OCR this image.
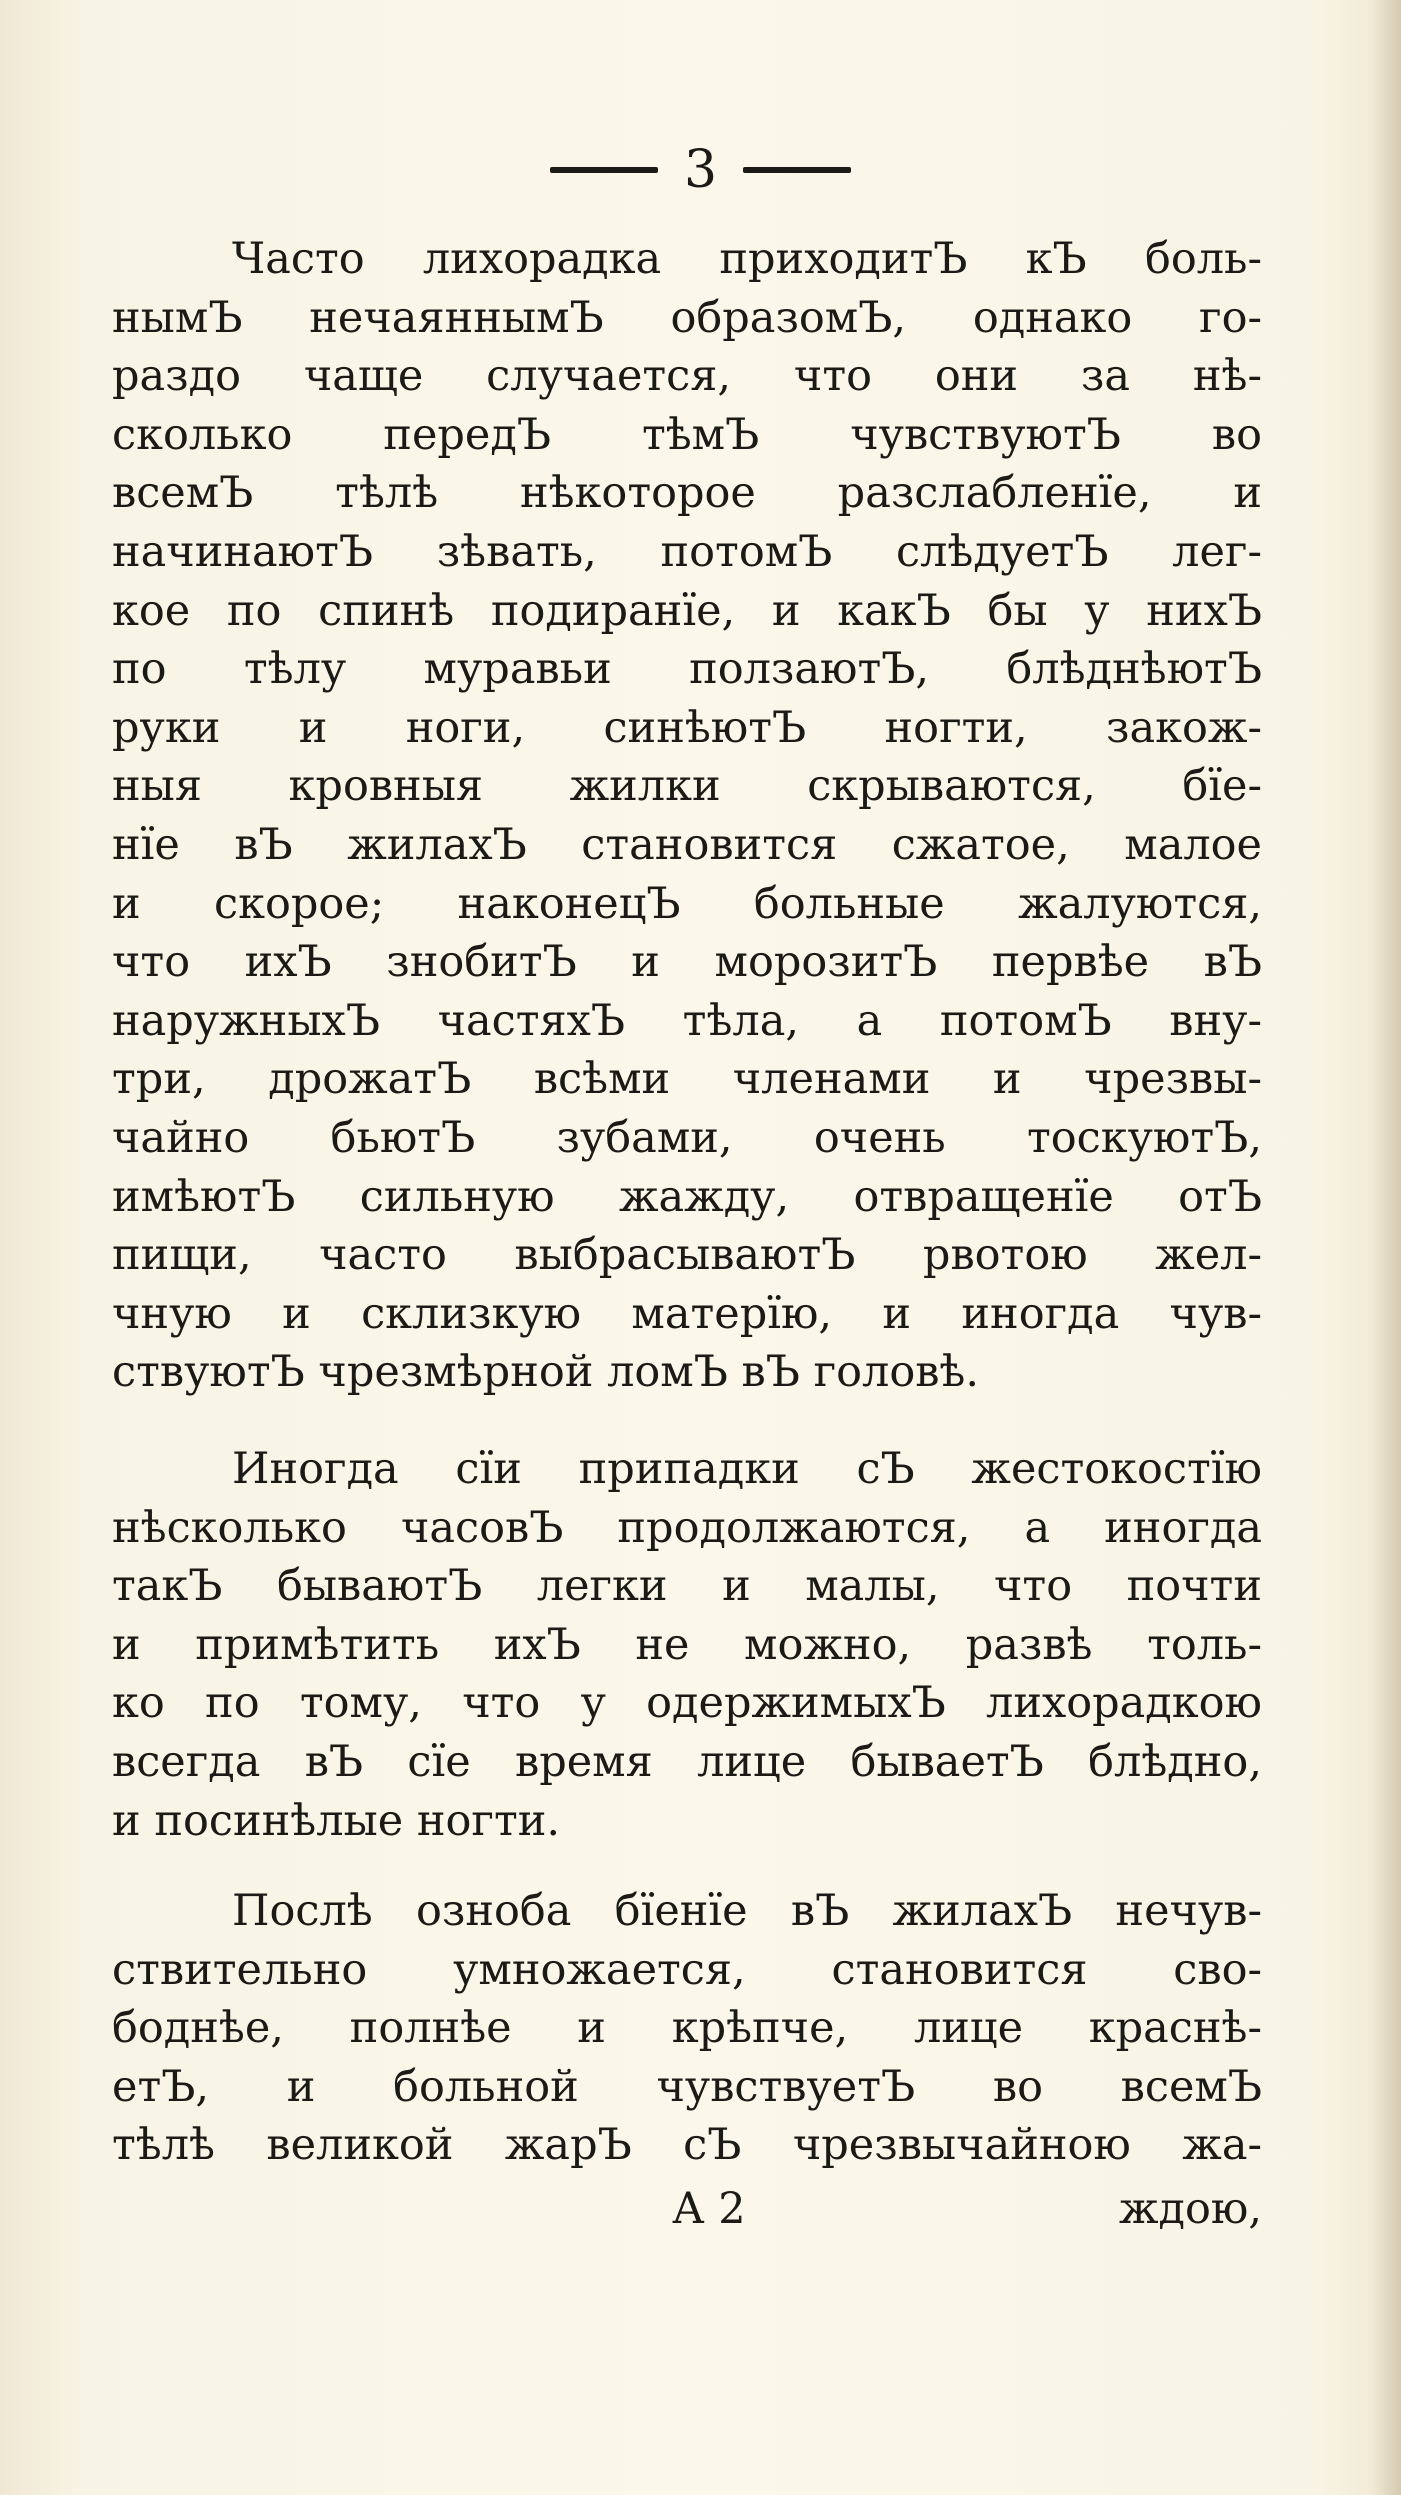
3
Часто лихорадка приходитЪ кЪ боль-
нымЪ нечаяннымЪ образомЪ, однако го-
раздо чаще случается, что они за нѣ-
сколько передЪ тѣмЪ чувствуютЪ во
всемЪ тѣлѣ нѣкоторое разслабленїе, и
начинаютЪ зѣвать, потомЪ слѣдуетЪ лег-
кое по спинѣ подиранїе, и какЪ бы у нихЪ
по тѣлу муравьи ползаютЪ, блѣднѣютЪ
руки и ноги, синѣютЪ ногти, закож-
ныя кровныя жилки скрываются, бїе-
нїе вЪ жилахЪ становится сжатое, малое
и скорое; наконецЪ больные жалуются,
что ихЪ знобитЪ и морозитЪ первѣе вЪ
наружныхЪ частяхЪ тѣла, а потомЪ вну-
три, дрожатЪ всѣми членами и чрезвы-
чайно бьютЪ зубами, очень тоскуютЪ,
имѣютЪ сильную жажду, отвращенїе отЪ
пищи, часто выбрасываютЪ рвотою жел-
чную и склизкую матерїю, и иногда чув-
ствуютЪ чрезмѣрной ломЪ вЪ головѣ.
Иногда сїи припадки сЪ жестокостїю
нѣсколько часовЪ продолжаются, а иногда
такЪ бываютЪ легки и малы, что почти
и примѣтить ихЪ не можно, развѣ толь-
ко по тому, что у одержимыхЪ лихорадкою
всегда вЪ сїе время лице бываетЪ блѣдно,
и посинѣлые ногти.
Послѣ озноба бїенїе вЪ жилахЪ нечув-
ствительно умножается, становится сво-
боднѣе, полнѣе и крѣпче, лице краснѣ-
етЪ, и больной чувствуетЪ во всемЪ
тѣлѣ великой жарЪ сЪ чрезвычайною жа-
А 2	ждою,
